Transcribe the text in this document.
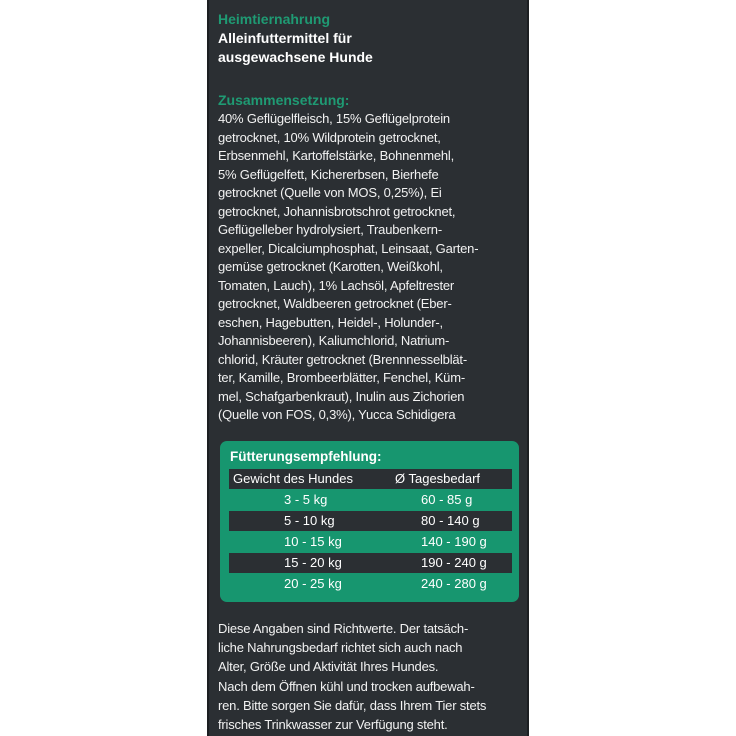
Heimtiernahrung

Alleinfuttermittel für

ausgewachsene Hunde

Zusammensetzung:

40% Geflügelfleisch, 15% Geflügelprotein
getrocknet, 10% Wildprotein getrocknet,
Erbsenmehl, Kartoffelstärke, Bohnenmehl,
5% Geflügelfett, Kichererbsen, Bierhefe
getrocknet (Quelle von MOS, 0,25%), Ei
getrocknet, Johannisbrotschrot getrocknet,
Geflügelleber hydrolysiert, Traubenkern-
expeller, Dicalciumphosphat, Leinsaat, Garten-
gemüse getrocknet (Karotten, Weißkohl,
Tomaten, Lauch), 1% Lachsöl, Apfeltrester
getrocknet, Waldbeeren getrocknet (Eber-
eschen, Hagebutten, Heidel-, Holunder-,
Johannisbeeren), Kaliumchlorid, Natrium-
chlorid, Kräuter getrocknet (Brennnesselblät-
ter, Kamille, Brombeerblätter, Fenchel, Küm-
mel, Schafgarbenkraut), Inulin aus Zichorien
(Quelle von FOS, 0,3%), Yucca Schidigera
Fütterungsempfehlung:
Gewicht des Hundes	Ø Tagesbedarf
3 - 5 kg	60 - 85 g
5 - 10 kg	80 - 140 g
10 - 15 kg	140 - 190 g
15 - 20 kg	190 - 240 g
20 - 25 kg	240 - 280 g
Diese Angaben sind Richtwerte. Der tatsäch-
liche Nahrungsbedarf richtet sich auch nach
Alter, Größe und Aktivität Ihres Hundes.
Nach dem Öffnen kühl und trocken aufbewah-
ren. Bitte sorgen Sie dafür, dass Ihrem Tier stets
frisches Trinkwasser zur Verfügung steht.
